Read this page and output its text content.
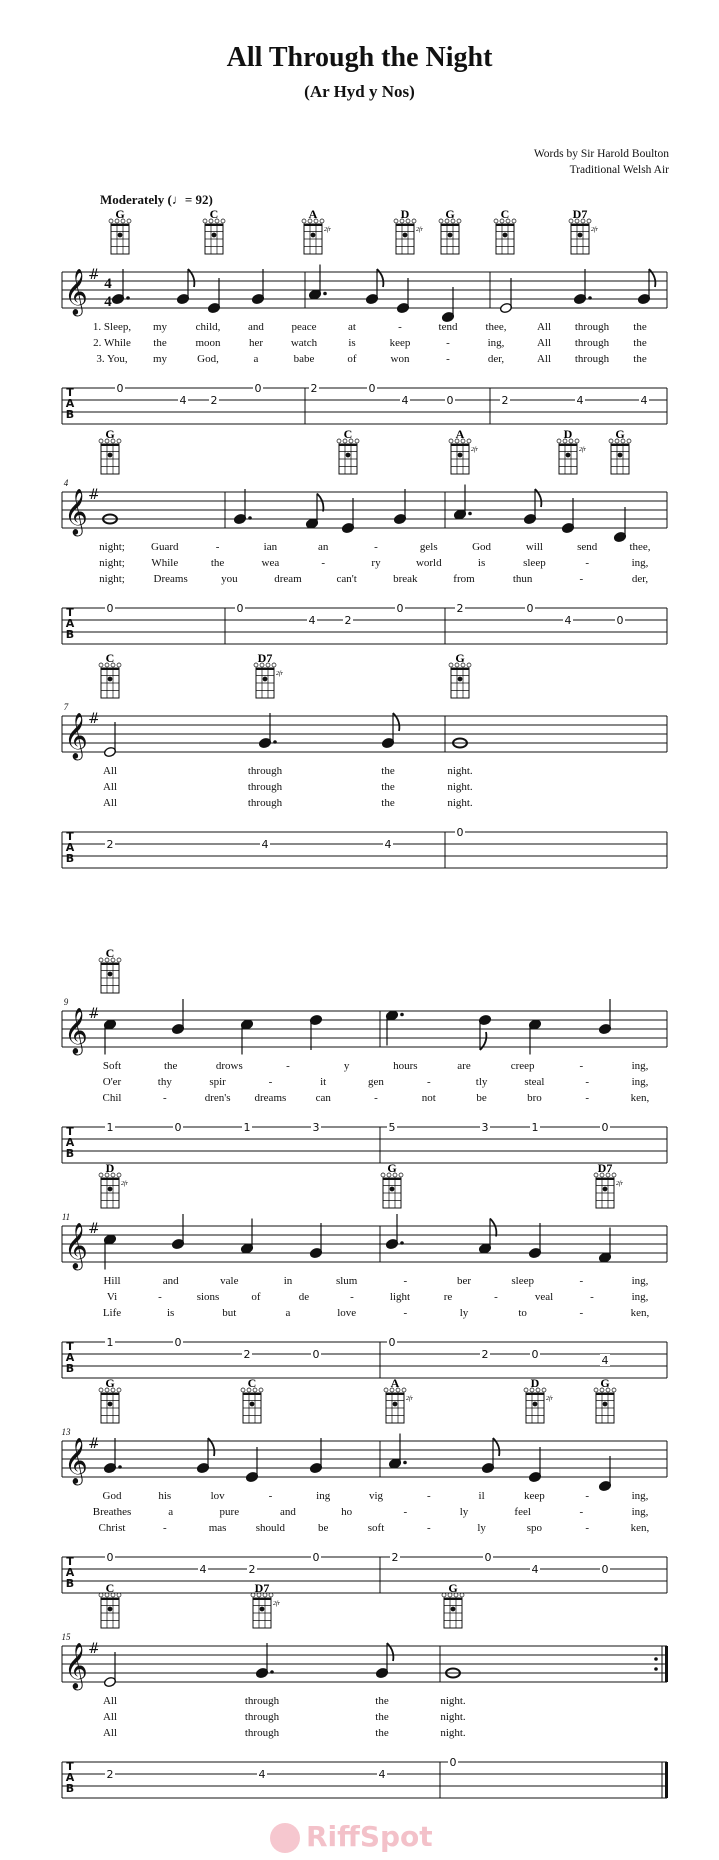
All Through the Night
(Ar Hyd y Nos)
Words by Sir Harold Boulton
Traditional Welsh Air
Moderately (♩= 92)
G	C	A
2fr
D
2fr
G	C	D7
2fr
𝄞 #
4
4
1. Sleep, my	child,	and	peace	at	-	tend	thee,	All through the
2. While the	moon	her	watch	is	keep	-	ing,	All through the
3. You, my	God,	a	babe	of	won	-	der,	All through the
T
A
B
0
4 2
0	2	0
4	0	2	4	4
G	C	A
2fr
D
2fr
G
4
𝄞 #
night; Guard	-	ian	an	-	gels	God	will	send	thee,
night; While	the	wea	-	ry	world	is	sleep	-	ing,
night;	Dreams	you	dream	can't	break	from	thun	-	der,
T
A
B
0	0
4	2
0	2	0
4	0
C	D7
2fr
G
7
𝄞 #
All	through	the	night.
All	through	the	night.
All	through	the	night.
T
A
B
2	4	4
0
C
9
𝄞 #
Soft	the	drows	-	y	hours	are	creep	-	ing,
O'er	thy	spir	-	it	gen	-	tly	steal	-	ing,
Chil	-	dren's dreams	can	-	not	be	bro	-	ken,
T
A
B
1	0	1	3	5	3	1	0
D
2fr
G	D7
2fr
11
𝄞 #
Hill	and	vale	in	slum	-	ber	sleep	-	ing,
Vi	-	sions	of	de	-	light	re	-	veal	-	ing,
Life	is	but	a	love	-	ly	to	-	ken,
T
A
B
1	0
2	0
0
2	0	4
G	C	A
2fr
D
2fr
G
13
𝄞 #
God	his	lov	-	ing	vig	-	il	keep	-	ing,
Breathes	a	pure	and	ho	-	ly	feel	-	ing,
Christ	-	mas	should	be	soft	-	ly	spo	-	ken,
T
A
B
0
4	2
0	2	0
4	0
C	D7
2fr
G
15
𝄞 #
All	through	the	night.
All	through	the	night.
All	through	the	night.
T
A
B
2	4	4
0
RiffSpot
